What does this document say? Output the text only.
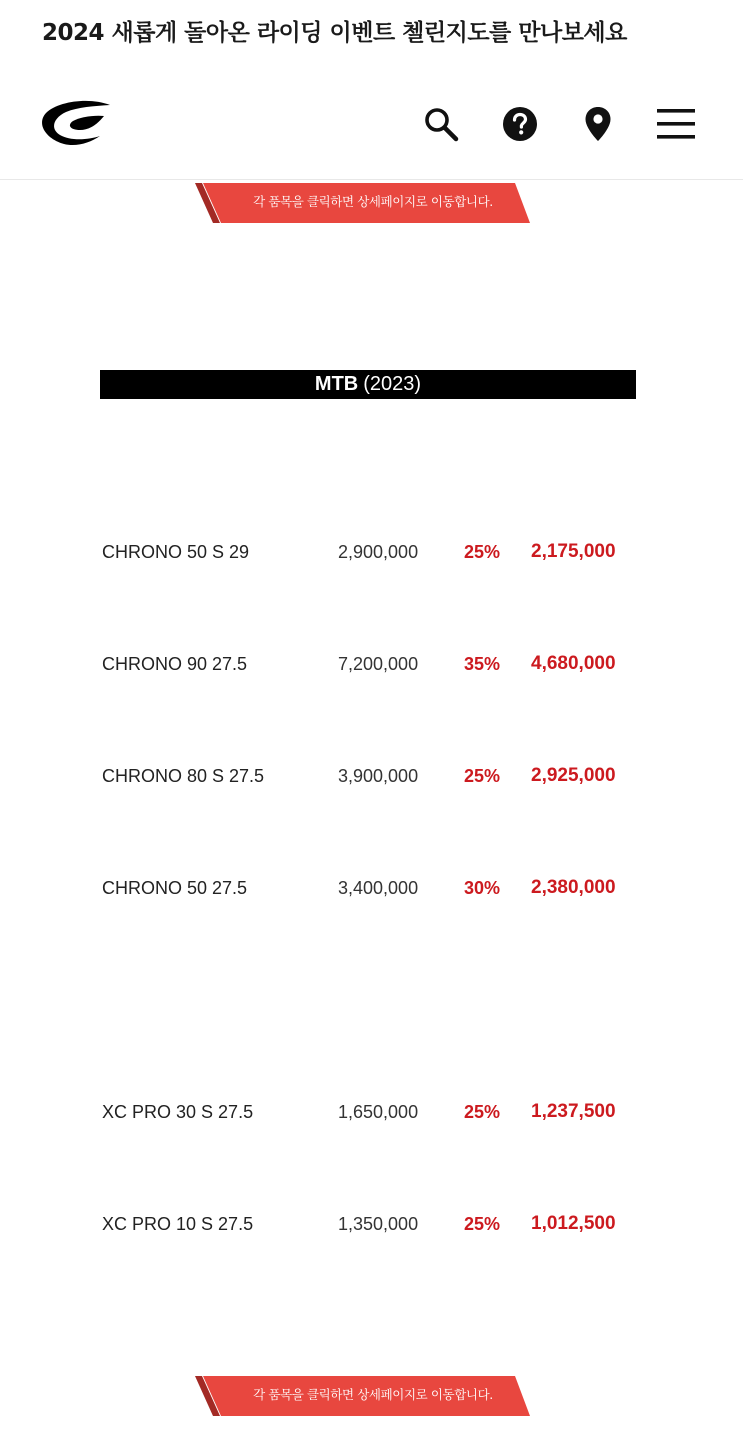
2024 새롭게 돌아온 라이딩 이벤트 첼린지도를 만나보세요
각 품목을 클릭하면 상세페이지로 이동합니다.
MTB (2023)
CHRONO 50 S 29	2,900,000	25% 2,175,000
CHRONO 90 27.5	7,200,000	35% 4,680,000
CHRONO 80 S 27.5	3,900,000	25% 2,925,000
CHRONO 50 27.5	3,400,000	30% 2,380,000
XC PRO 30 S 27.5	1,650,000	25% 1,237,500
XC PRO 10 S 27.5	1,350,000	25% 1,012,500
각 품목을 클릭하면 상세페이지로 이동합니다.
